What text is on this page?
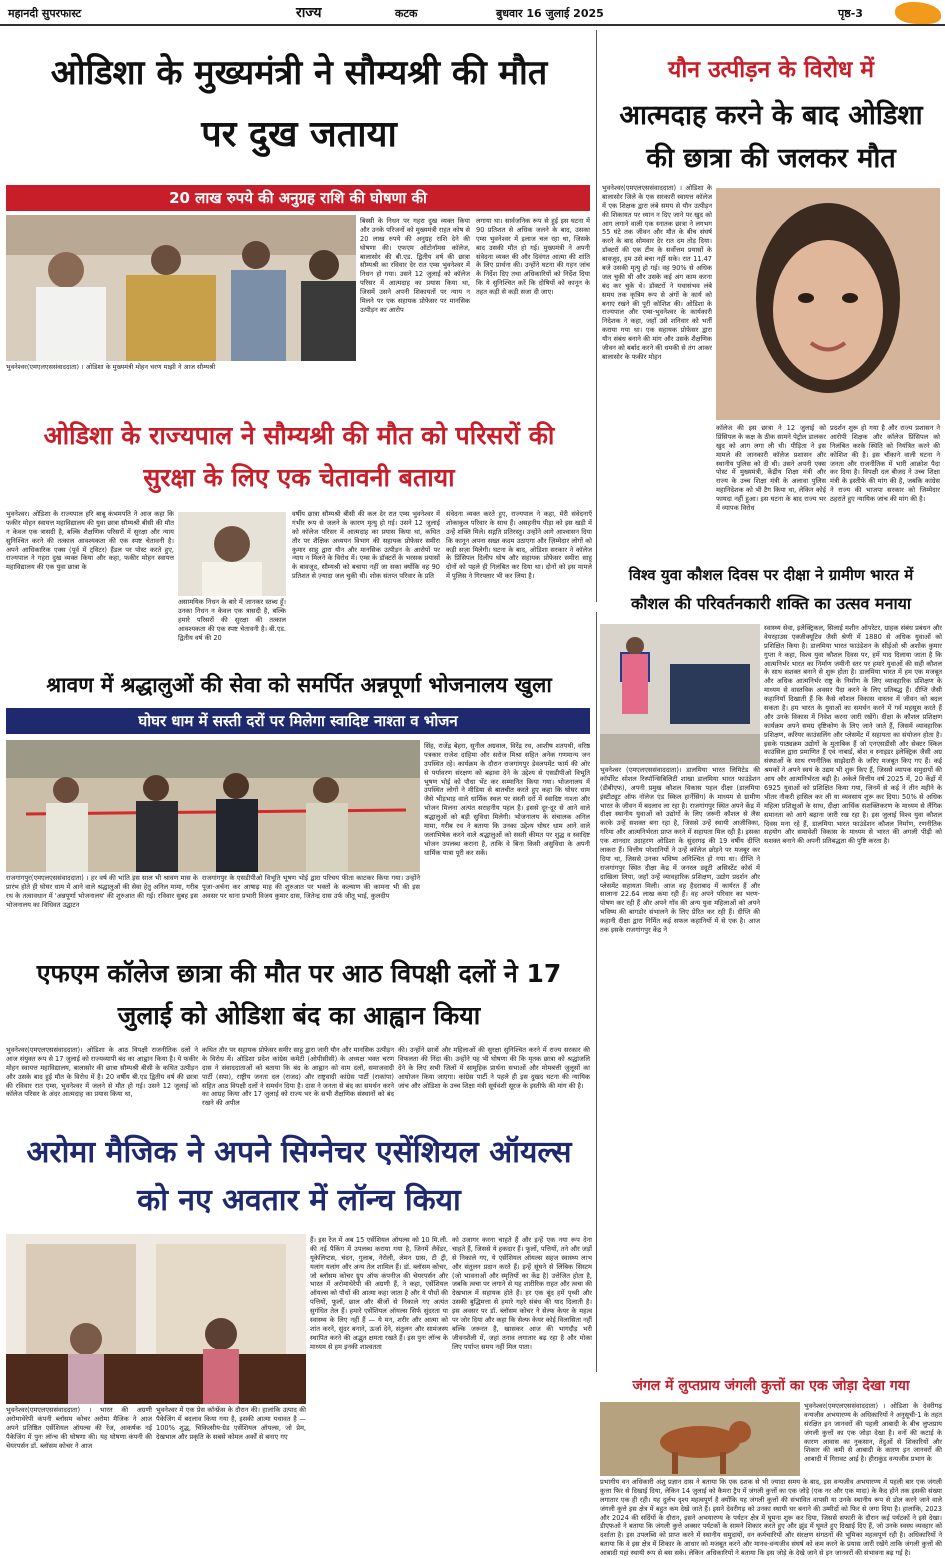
महानदी सुपरफास्ट	राज्य	कटक	बुधवार 16 जुलाई 2025	पृष्ठ-3
ओडिशा के मुख्यमंत्री ने सौम्यश्री की मौत
पर दुख जताया
20 लाख रुपये की अनुग्रह राशि की घोषणा की
भुवनेश्वर(एमएलएससंवाददाता) । ओडिशा के मुख्यमंत्री मोहन चरण माझी ने आज सौम्यश्री
बिस्सी के निधन पर गहरा दुख व्यक्त किया और उनके परिजनों को मुख्यमंत्री राहत कोष से 20 लाख रुपये की अनुग्रह राशि देने की घोषणा की। एफएम ऑटोनॉमस कॉलेज, बालासोर की बी.एड. द्वितीय वर्ष की छात्रा सौम्यश्री का रविवार देर रात एम्स भुवनेश्वर में निधन हो गया। उसने 12 जुलाई को कॉलेज परिसर में आत्मदाह का प्रयास किया था, जिसमें उसने अपनी शिकायतों पर न्याय न मिलने पर एक सहायक प्रोफेसर पर मानसिक उत्पीड़न का आरोप
लगाया था। सार्वजनिक रूप से हुई इस घटना में 90 प्रतिशत से अधिक जलने के बाद, उसका एम्स भुवनेश्वर में इलाज चल रहा था, जिसके बाद उसकी मौत हो गई। मुख्यमंत्री ने अपनी संवेदना व्यक्त की और दिवंगत आत्मा की शांति के लिए प्रार्थना की। उन्होंने घटना की गहन जांच के निर्देश दिए तथा अधिकारियों को निर्देश दिया कि ये सुनिश्चित करें कि दोषियों को कानून के तहत कड़ी से कड़ी सजा दी जाए।
यौन उत्पीड़न के विरोध में
आत्मदाह करने के बाद ओडिशा
की छात्रा की जलकर मौत
भुवनेश्वर(एमएलएससंवाददाता) । ओडिशा के बालासोर जिले के एक सरकारी स्वायत्त कॉलेज में एक शिक्षक द्वारा लंबे समय से यौन उत्पीड़न की शिकायत पर ध्यान न दिए जाने पर खुद को आग लगाने वाली एक स्नातक छात्रा ने लगभग 55 घंटे तक जीवन और मौत के बीच संघर्ष करने के बाद सोमवार देर रात दम तोड़ दिया। डॉक्टरों की एक टीम के सर्वोत्तम प्रयासों के बावजूद, हम उसे बचा नहीं सके। रात 11.47 बजे उसकी मृत्यु हो गई। वह 90% से अधिक जल चुकी थी और उसके कई अंग काम करना बंद कर चुके थे। डॉक्टरों ने यथासंभव लंबे समय तक कृत्रिम रूप से अंगों के कार्य को बनाए रखने की पूरी कोशिश की। ओडिशा के राज्यपाल और एम्स-भुवनेश्वर के कार्यकारी निदेशक ने कहा, जहाँ उसे शनिवार को भर्ती कराया गया था। एक सहायक प्रोफेसर द्वारा यौन संबंध बनाने की मांग और उसके शैक्षणिक जीवन को बर्बाद करने की धमकी से तंग आकर बालासोर के फकीर मोहन
कॉलेज की इस छात्रा ने 12 जुलाई को प्रिंसिपल के कक्ष के ठीक सामने पेट्रोल डालकर खुद को आग लगा ली थी। पीड़िता ने इस मामले की जानकारी कॉलेज प्रशासन और स्थानीय पुलिस को दी थी। उसने अपनी एक्स पोस्ट में मुख्यमंत्री, केंद्रीय शिक्षा मंत्री और राज्य के उच्च शिक्षा मंत्री के अलावा पुलिस महानिदेशक को भी टैग किया था, लेकिन कोई फायदा नहीं हुआ। इस घटना के बाद राज्य भर में व्यापक विरोध
प्रदर्शन शुरू हो गया है और राज्य प्रशासन ने आरोपी शिक्षक और कॉलेज प्रिंसिपल को निलंबित करके स्थिति को नियंत्रित करने की कोशिश की है। इस चौंकाने वाली घटना ने जनता और राजनीतिक में भारी आक्रोश पैदा कर दिया है। विपक्षी दल बीजद ने उच्च शिक्षा मंत्री के इस्तीफे की मांग की है, जबकि कांग्रेस ने राज्य की भाजपा सरकार को जिम्मेदार ठहराते हुए न्यायिक जांच की मांग की है।
ओडिशा के राज्यपाल ने सौम्यश्री की मौत को परिसरों की
सुरक्षा के लिए एक चेतावनी बताया
भुवनेश्वर। ओडिशा के राज्यपाल हरि बाबू कंभमपति ने आज कहा कि फकीर मोहन स्वायत्त महाविद्यालय की युवा छात्रा सौम्यश्री बीसी की मौत न केवल एक त्रासदी है, बल्कि शैक्षणिक परिसरों में सुरक्षा और न्याय सुनिश्चित करने की तत्काल आवश्यकता की एक स्पष्ट चेतावनी है। अपने आधिकारिक एक्स (पूर्व में ट्विटर) हैंडल पर पोस्ट करते हुए, राज्यपाल ने गहरा दुख व्यक्त किया और कहा, फकीर मोहन स्वायत्त महाविद्यालय की एक युवा छात्रा के
असामयिक निधन के बारे में जानकर स्तब्ध हूँ। उनका निधन न केवल एक त्रासदी है, बल्कि हमारे परिसरों की सुरक्षा की तत्काल आवश्यकता की एक स्पष्ट चेतावनी है। बी.एड. द्वितीय वर्ष की 20
वर्षीय छात्रा सौम्यश्री बीसी की कल देर रात एम्स भुवनेश्वर में गंभीर रूप से जलने के कारण मृत्यु हो गई। उसने 12 जुलाई को कॉलेज परिसर में आत्मदाह का प्रयास किया था, कथित तौर पर शैक्षिक अध्ययन विभाग की सहायक प्रोफेसर समीरा कुमार साहू द्वारा यौन और मानसिक उत्पीड़न के आरोपों पर न्याय न मिलने के विरोध में। एम्स के डॉक्टरों के भरसक प्रयासों के बावजूद, सौम्यश्री को बचाया नहीं जा सका क्योंकि वह 90 प्रतिशत से ज़्यादा जल चुकी थी। शोक संतप्त परिवार के प्रति
संवेदना व्यक्त करते हुए, राज्यपाल ने कहा, मेरी संवेदनाएँ शोकाकुल परिवार के साथ हैं। असहनीय पीड़ा को इस खड़ी में उन्हें शक्ति मिले। सद्गति प्रतिरस्तु। उन्होंने आगे आश्वासन दिया कि कानून अपना सख्त कदम उठाएगा और ज़िम्मेदार लोगों को कड़ी सज़ा मिलेगी। घटना के बाद, ओडिशा सरकार ने कॉलेज के प्रिंसिपल दिलीप घोष और सहायक प्रोफेसर समीरा साहू दोनों को पहले ही निलंबित कर दिया था। दोनों को इस मामले में पुलिस ने गिरफ्तार भी कर लिया है।
श्रावण में श्रद्धालुओं की सेवा को समर्पित अन्नपूर्णा भोजनालय खुला
घोघर धाम में सस्ती दरों पर मिलेगा स्वादिष्ट नाश्ता व भोजन
राजगांगपुर(एमएलएससंवाददाता) । हर वर्ष की भांति इस साल भी श्रावण मास के प्रारंभ होते ही घोघर धाम में आने वाले श्रद्धालुओं की सेवा हेतु अनिल मामा, गरीब रथ के तत्वावधान में 'अन्नपूर्णा भोजनालय' की शुरुआत की गई। रविवार सुबह इस भोजनालय का विधिवत उद्घाटन
राजगांगपुर के एसडीपीओ विभूति भूषण भोई द्वारा परिचय फीता काटकर किया गया। उन्होंने पूजा-अर्चना कर आषाढ़ माह की शुरुआत पर भक्तों के कल्याण की कामना भी की इस अवसर पर थाना प्रभारी विजय कुमार दास, जितेन्द्र दास उर्फ जीतू भाई, कुलदीप
सिंह, राजेंद्र बेहरा, सुनील अग्रवाल, विरेंद्र रथ, आशीष शतपथी, वरिष्ठ पत्रकार राजेश दाहिमा और सरोज मिश्रा सहित अनेक गणमान्य जन उपस्थित रहे। कार्यक्रम के दौरान राजगांगपुर डेवलपमेंट फार्म की ओर से पर्यावरण संरक्षण को बढ़ावा देने के उद्देश्य से एसडीपीओ विभूति भूषण भोई को पौधा भेंट कर सम्मानित किया गया। भोजनालय में उपस्थित लोगों ने मीडिया से बातचीत करते हुए कहा कि घोघर धाम जैसे भीड़भाड़ वाले धार्मिक स्थल पर सस्ती दरों में स्वादिष्ट नाश्ता और भोजन मिलना अत्यंत सराहनीय पहल है। इससे दूर-दूर से आने वाले श्रद्धालुओं को बड़ी सुविधा मिलेगी। भोजनालय के संचालक अनिल मामा, गरीब रथ ने बताया कि उनका उद्देश्य घोघर धाम आने वाले जलाभिषेक करने वाले श्रद्धालुओं को सस्ती कीमत पर शुद्ध व स्वादिष्ट भोजन उपलब्ध कराना है, ताकि वे बिना किसी असुविधा के अपनी धार्मिक यात्रा पूरी कर सकें।
विश्व युवा कौशल दिवस पर दीक्षा ने ग्रामीण भारत में
कौशल की परिवर्तनकारी शक्ति का उत्सव मनाया
भुवनेश्वर (एमएलएससंवाददाता)। डालमिया भारत लिमिटेड की कॉर्पोरेट सोशल रिस्पॉन्सिबिलिटी शाखा डालमिया भारत फाउंडेशन (डीबीएफ), अपनी प्रमुख कौशल विकास पहल दीक्षा (डालमिया इंस्टीट्यूट ऑफ नॉलेज एंड स्किल हार्नेसिंग) के माध्यम से ग्रामीण भारत के जीवन में बदलाव ला रहा है। राजगांगपुर स्थित अपने केंद्र में दीक्षा स्थानीय युवाओं को उद्योगों के लिए जरूरी कौशल से लैस करके उन्हें सशक्त बना रहा है, जिससे उन्हें स्थायी आजीविका, गरिमा और आत्मनिर्भरता प्राप्त करने में सहायता मिल रही है। इसका एक शानदार उदाहरण ओडिशा के सुंदरगढ़ की 19 वर्षीय दीप्ति लाकरा हैं। वित्तीय परेशानियों ने उन्हें कॉलेज छोड़ने पर मजबूर कर दिया था, जिससे उनका भविष्य अनिश्चित हो गया था। दीप्ति ने राजगांगपुर स्थित दीक्षा केंद्र में जनरल ड्यूटी असिस्टेंट कोर्स में दाखिला लिया, जहाँ उन्हें व्यावहारिक प्रशिक्षण, उद्योग प्रदर्शन और प्लेसमेंट सहायता मिली। आज वह हैदराबाद में कार्यरत हैं और सालाना 22.64 लाख कमा रही हैं। वह अपने परिवार का भरण-पोषण कर रही हैं और अपने गाँव की अन्य युवा महिलाओं को अपने भविष्य की बागडोर संभालने के लिए प्रेरित कर रही हैं। दीप्ति की कहानी दीक्षा द्वारा निर्मित कई सफल कहानियों में से एक है। आज तक इसके राजगांगपुर केंद्र ने
स्वास्थ्य सेवा, इलेक्ट्रिकल, सिलाई मशीन ऑपरेटर, ग्राहक संबंध प्रबंधन और वेयरहाउस एक्जीक्यूटिव जैसी श्रेणी में 1880 से अधिक युवाओं को प्रशिक्षित किया है। डालमिया भारत फाउंडेशन के सीईओ श्री अशोक कुमार गुप्ता ने कहा, विश्व युवा कौशल दिवस पर, हमें याद दिलाया जाता है कि आत्मनिर्भर भारत का निर्माण जमीनी स्तर पर हमारे युवाओं की सही कौशल के साथ सशक्त बनाने से शुरू होता है। डालमिया भारत में हम एक मजबूत और अधिक आत्मनिर्भर राष्ट्र के निर्माण के लिए व्यावहारिक प्रशिक्षण के माध्यम से वास्तविक अवसर पैदा करने के लिए प्रतिबद्ध हैं। दीप्ति जैसी कहानियाँ दिखाती हैं कि कैसे कौशल विकास वास्तव में जीवन को बदल सकता है। हम भारत के युवाओं का समर्थन करने में गर्व महसूस करते हैं और उनके विकास में निवेश करना जारी रखेंगे। दीक्षा के कौशल प्रशिक्षण कार्यक्रम अपने समग्र दृष्टिकोण के लिए जाने जाते हैं, जिसमें व्यावहारिक प्रशिक्षण, करियर काउंसलिंग और प्लेसमेंट में सहायता का संयोजन होता है। इसके पाठ्यक्रम उद्योगों के मुताबिक हैं जो एनएसडीसी और सेक्टर स्किल काउंसिल द्वारा प्रमाणित हैं एवं नाबार्ड, बोश व स्नाइडर इलेक्ट्रिक जैसी अग्र संस्थाओं के साथ रणनीतिक साझेदारी के जरिए मजबूत किए गए हैं। कई श्रमकों ने अपने स्वयं के उद्यम भी शुरू किए हैं, जिससे व्यापक समुदायों की आय और आत्मनिर्भरता बढ़ी है। अकेले वित्तीय वर्ष 2025 में, 20 केंद्रों में 6925 युवाओं को प्रशिक्षित किया गया, जिनमें से कई ने तीन महीने के भीतर नौकरी हासिल कर ली या व्यवसाय शुरू कर दिया। 50% से अधिक महिला प्रशिक्षुओं के साथ, दीक्षा आर्थिक सशक्तिकरण के माध्यम से लैंगिक समानता को आगे बढ़ाना जारी रख रहा है। इस जुलाई विश्व युवा कौशल दिवस मना रहे हैं, डालमिया भारत फाउंडेशन कौशल निर्माण, रणनीतिक सहयोग और समावेशी विकास के माध्यम से भारत की अगली पीढ़ी को सशक्त बनाने की अपनी प्रतिबद्धता की पुष्टि करता है।
एफएम कॉलेज छात्रा की मौत पर आठ विपक्षी दलों ने 17
जुलाई को ओडिशा बंद का आह्वान किया
भुवनेश्वर(एमएलएससंवाददाता)। ओडिशा के आठ विपक्षी राजनीतिक दलों ने आज संयुक्त रूप से 17 जुलाई को राज्यव्यापी बंद का आह्वान किया है। ये फकीर मोहन स्वायत्त महाविद्यालय, बालासोर की छात्रा सौम्यश्री बीसी के कथित उत्पीड़न और उसके बाद हुई मौत के विरोध में है। 20 वर्षीय बी.एड द्वितीय वर्ष की छात्रा की रविवार रात एम्स, भुवनेश्वर में जलने से मौत हो गई। उसने 12 जुलाई को कॉलेज परिसर के अंदर आत्मदाह का प्रयास किया था,
कथित तौर पर सहायक प्रोफेसर समीर साहू द्वारा जारी यौन और मानसिक उत्पीड़न के विरोध में। ओडिशा प्रदेश कांग्रेस कमेटी (ओपीसीसी) के अध्यक्ष भक्त चरण दास ने संवाददाताओं को बताया कि बंद के आह्वान को वाम दलों, समाजवादी पार्टी (सपा), राष्ट्रीय जनता दल (राजद) और राष्ट्रवादी कांग्रेस पार्टी (राकांपा) सहित आठ विपक्षी दलों ने समर्थन दिया है। दास ने जनता से बंद का समर्थन करने का आग्रह किया और 17 जुलाई को राज्य भर के सभी शैक्षणिक संस्थानों को बंद रखने की अपील
की। उन्होंने छात्रों और महिलाओं की सुरक्षा सुनिश्चित करने में राज्य सरकार की विफलता की निंदा की। उन्होंने यह भी घोषणा की कि मृतक छात्रा को श्रद्धांजलि देने के लिए सभी जिलों में सामूहिक प्रार्थना सभाओं और मोमबत्ती जुलूसों का आयोजन किया जाएगा। कांग्रेस पार्टी ने पहले ही इस दुखद घटना की न्यायिक जांच और ओडिशा के उच्च शिक्षा मंत्री सूर्यवंशी सूरज के इस्तीफे की मांग की है।
अरोमा मैजिक ने अपने सिग्नेचर एसेंशियल ऑयल्स
को नए अवतार में लॉन्च किया
भुवनेश्वर(एमएलएससंवाददाता) । भारत की अग्रणी अरोमाथेरेपी कंपनी ब्लॉसम कोचर अरोमा मैजिक ने आज अपने प्रतिष्ठित एसेंशियल ऑयल्स की रेंज, आकर्षक नई पैकेजिंग में पुनः लॉन्च की घोषणा की। यह घोषणा कंपनी की चेयरपर्सन डॉ. ब्लॉसम कोचर ने आज
भुवनेश्वर में एक प्रेस कॉन्फ्रेंस के दौरान की। हालांकि उत्पाद की पैकेजिंग में बदलाव किया गया है, इसकी आत्मा यथावत है — 100% शुद्ध, चिकित्सीय-ग्रेड एसेंशियल ऑयल्स, जो प्रेम, देखभाल और प्रकृति के सबसे कोमल अर्कों से बनाए गए
हैं। इस रेंज में अब 15 एसेंशियल ऑयल्स को 10 मि.ली. की नई पैकिंग में उपलब्ध कराया गया है, जिनमें लैवेंडर, यूकेलिप्टस, चंदन, गुलाब, नेरोली, लेमन ग्रास, टी ट्री, यलांग यलांग और अन्य तेल शामिल हैं। डॉ. ब्लॉसम कोचर, जो ब्लॉसम कोचर ग्रुप ऑफ कंपनीज की चेयरपर्सन और भारत में अरोमाथेरेपी की अग्रणी हैं, ने कहा, एसेंशियल ऑयल्स को पौधों की आत्मा कहा जाता है और ये पौधों की पत्तियों, फूलों, छाल और बीजों से निकाले गए अत्यंत सुगंधित तेल हैं। हमारे एसेंशियल ऑयल्स सिर्फ सुंदरता या स्वास्थ्य के लिए नहीं हैं — ये मन, शरीर और आत्मा को शांत करने, सुंदर बनाने, ऊर्जा देने, संतुलन और सामंजस्य स्थापित करने की अद्भुत क्षमता रखते हैं। इस पुनः लॉन्च के माध्यम से हम इनकी शाश्वतता
को उजागर करना चाहते हैं और इन्हें एक नया रूप देना चाहते हैं, जिससे ये हकदार हैं। फूलों, पत्तियों, तने और जड़ों से निकाले गए, ये एसेंशियल ऑयल्स सहज स्वास्थ्य लाभ और संतुलन प्रदान करते हैं। इन्हें सूंघने से लिंबिक सिस्टम (जो भावनाओं और स्मृतियों का केंद्र है) उत्तेजित होता है, जबकि त्वचा पर लगाने से यह शारीरिक राहत और त्वचा की देखभाल में सहायक होते हैं। हर एक बूंद हमें पृथ्वी और उसकी बुद्धिमत्ता से हमारे गहरे संबंध की याद दिलाती है। इस अवसर पर डॉ. ब्लॉसम कोचर ने सेल्फ केयर के महत्व पर जोर दिया और कहा कि सेल्फ केयर कोई विलासिता नहीं बल्कि जरूरत है, खासकर आज की भागदौड़ भरी जीवनशैली में, जहां तनाव लगातार बढ़ रहा है और मोका लिए पर्याप्त समय नहीं मिल पाता।
जंगल में लुप्तप्राय जंगली कुत्तों का एक जोड़ा देखा गया
भुवनेश्वर(एमएलएससंवाददाता) । ओडिशा के देवरीगढ़ वन्यजीव अभयारण्य के अधिकारियों ने अनुसूची-1 के तहत संरक्षित इन जानवरों की पहली आबादी के बीच लुप्तप्राय जंगली कुत्तों का एक जोड़ा देखा है। वनों की कटाई के कारण आवास का नुकसान, तेंदुओं से शिकारियों और शिकार की कमी से आबादी के कारण इन जानवरों की आबादी में गिरावट आई है। हीराकुंड वन्यजीव प्रभाग के
प्रभागीय वन अधिकारी अंशु प्रज्ञान दास ने बताया कि एक दशक से भी ज्यादा समय के बाद, इस वन्यजीव अभयारण्य में पहली बार एक जंगली कुत्ता फिर से दिखाई दिया, लेकिन 14 जुलाई को कैमरा ट्रैप में जंगली कुत्तों का एक जोड़े (एक नर और एक मादा) के कैद होने तक इसकी संख्या लगातार एक ही रही। यह दुर्लभ दृश्य महत्वपूर्ण है क्योंकि यह जंगली कुत्तों की संभावित वापसी या उनके स्थानीय रूप से डोल करने जाने वाले जंगली कुत्ते इस क्षेत्र में बहुत कम देखे जाते हैं। इसने देवरीगढ़ को उनका स्थायी घर बनाने की उम्मीदों को फिर से जगा दिया है। हालांकि, 2023 और 2024 की सर्दियों के दौरान, इसने अभयारण्य के पर्यटन क्षेत्र में घूमना शुरू कर दिया, जिससे सफारी के दौरान कई पर्यटकों ने इसे देखा। डीएफओ ने बताया कि जंगली कुत्ते अक्सर पर्यटकों के सामने शिकार करते हुए और झुंड में घूमते हुए दिखाई दिए हैं, जो उनके स्वस्थ व्यवहार को दर्शाता है। इस उपलब्धि को प्राप्त करने में स्थानीय समुदायों, वन कर्मचारियों और संरक्षण संगठनों की भूमिका महत्वपूर्ण रही है। अधिकारियों ने बताया कि वे इस क्षेत्र में शिकार के आधार को मजबूत करने और मानव-वन्यजीव संघर्ष को कम करने के प्रयास जारी रखेंगे ताकि जंगली कुत्तों की आबादी यहां स्थायी रूप से बस सके। लेकिन अधिकारियों ने बताया कि इस जोड़े के देखे जाने से इन जानवरों की संभावना बढ़ गई है।
